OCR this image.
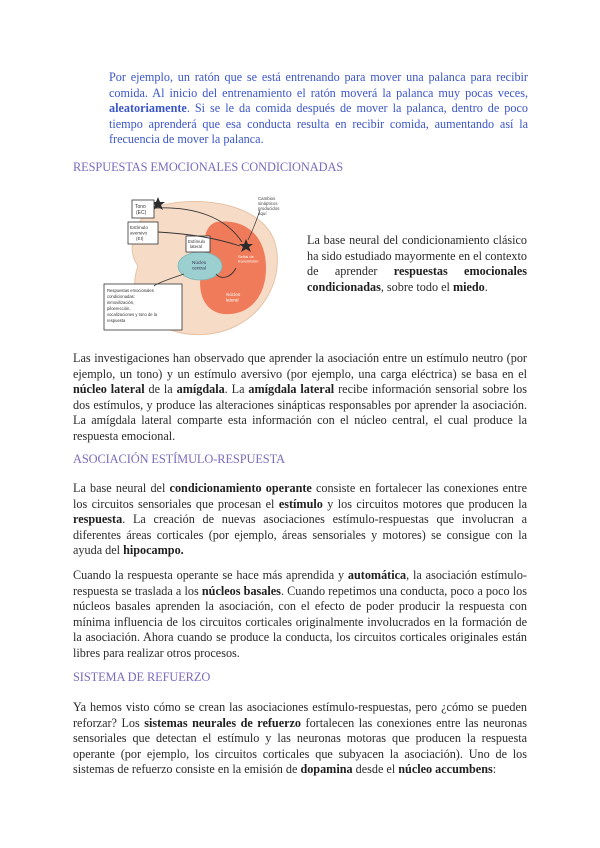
Por ejemplo, un ratón que se está entrenando para mover una palanca para recibir comida. Al inicio del entrenamiento el ratón moverá la palanca muy pocas veces, aleatoriamente. Si se le da comida después de mover la palanca, dentro de poco tiempo aprenderá que esa conducta resulta en recibir comida, aumentando así la frecuencia de mover la palanca.

RESPUESTAS EMOCIONALES CONDICIONADAS
Tono (EC)
Estímulo aversivo (EI)
Estímulo lateral
Cambios sinápticos producidos aquí
Núcleo central
Núcleo lateral
Señal de transmisión
Respuestas emocionales condicionadas: inmovilización, piloerección, vocalizaciones y tono de la respuesta

La base neural del condicionamiento clásico ha sido estudiado mayormente en el contexto de aprender respuestas emocionales condicionadas, sobre todo el miedo.

Las investigaciones han observado que aprender la asociación entre un estímulo neutro (por ejemplo, un tono) y un estímulo aversivo (por ejemplo, una carga eléctrica) se basa en el núcleo lateral de la amígdala. La amígdala lateral recibe información sensorial sobre los dos estímulos, y produce las alteraciones sinápticas responsables por aprender la asociación. La amígdala lateral comparte esta información con el núcleo central, el cual produce la respuesta emocional.

ASOCIACIÓN ESTÍMULO-RESPUESTA

La base neural del condicionamiento operante consiste en fortalecer las conexiones entre los circuitos sensoriales que procesan el estímulo y los circuitos motores que producen la respuesta. La creación de nuevas asociaciones estímulo-respuestas que involucran a diferentes áreas corticales (por ejemplo, áreas sensoriales y motores) se consigue con la ayuda del hipocampo.

Cuando la respuesta operante se hace más aprendida y automática, la asociación estímulo-respuesta se traslada a los núcleos basales. Cuando repetimos una conducta, poco a poco los núcleos basales aprenden la asociación, con el efecto de poder producir la respuesta con mínima influencia de los circuitos corticales originalmente involucrados en la formación de la asociación. Ahora cuando se produce la conducta, los circuitos corticales originales están libres para realizar otros procesos.

SISTEMA DE REFUERZO

Ya hemos visto cómo se crean las asociaciones estímulo-respuestas, pero ¿cómo se pueden reforzar? Los sistemas neurales de refuerzo fortalecen las conexiones entre las neuronas sensoriales que detectan el estímulo y las neuronas motoras que producen la respuesta operante (por ejemplo, los circuitos corticales que subyacen la asociación). Uno de los sistemas de refuerzo consiste en la emisión de dopamina desde el núcleo accumbens:
